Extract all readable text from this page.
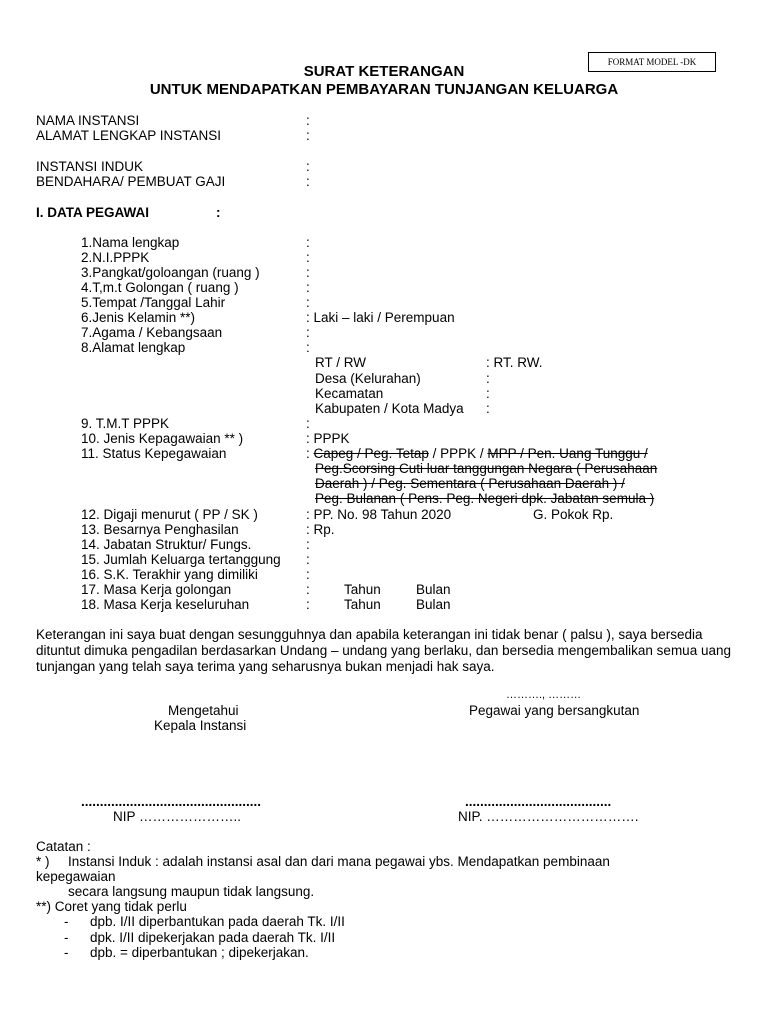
FORMAT MODEL -DK
SURAT KETERANGAN
UNTUK MENDAPATKAN PEMBAYARAN TUNJANGAN KELUARGA
NAMA INSTANSI	:
ALAMAT LENGKAP INSTANSI	:
INSTANSI INDUK	:
BENDAHARA/ PEMBUAT GAJI	:
I. DATA PEGAWAI	:
1.Nama lengkap	:
2.N.I.PPPK	:
3.Pangkat/goloangan (ruang )	:
4.T,m.t Golongan ( ruang )	:
5.Tempat /Tanggal Lahir	:
6.Jenis Kelamin **)	: Laki – laki / Perempuan
7.Agama / Kebangsaan	:
8.Alamat lengkap	:
RT / RW	: RT. RW.
Desa (Kelurahan)	:
Kecamatan	:
Kabupaten / Kota Madya :
9. T.M.T PPPK	:
10. Jenis Kepagawaian ** )	: PPPK
11. Status Kepegawaian	: Capeg / Peg. Tetap / PPPK / MPP / Pen. Uang Tunggu /
Peg.Scorsing Cuti luar tanggungan Negara ( Perusahaan
Daerah ) / Peg. Sementara ( Perusahaan Daerah ) /
Peg. Bulanan ( Pens. Peg. Negeri dpk. Jabatan semula )
12. Digaji menurut ( PP / SK )	: PP. No. 98 Tahun 2020	G. Pokok Rp.
13. Besarnya Penghasilan	: Rp.
14. Jabatan Struktur/ Fungs.	:
15. Jumlah Keluarga tertanggung :
16. S.K. Terakhir yang dimiliki	:
17. Masa Kerja golongan	:	Tahun	Bulan
18. Masa Kerja keseluruhan	:	Tahun	Bulan
Keterangan ini saya buat dengan sesungguhnya dan apabila keterangan ini tidak benar ( palsu ), saya bersedia dituntut dimuka pengadilan berdasarkan Undang – undang yang berlaku, dan bersedia mengembalikan semua uang tunjangan yang telah saya terima yang seharusnya bukan menjadi hak saya.
………., ………
Mengetahui
Kepala Instansi
Pegawai yang bersangkutan
................................................	.......................................
NIP …………………..	NIP. …………………………….
Catatan :
* ) Instansi Induk : adalah instansi asal dan dari mana pegawai ybs. Mendapatkan pembinaan
kepegawaian
secara langsung maupun tidak langsung.
**) Coret yang tidak perlu
- dpb. I/II diperbantukan pada daerah Tk. I/II
- dpk. I/II dipekerjakan pada daerah Tk. I/II
- dpb. = diperbantukan ; dipekerjakan.
